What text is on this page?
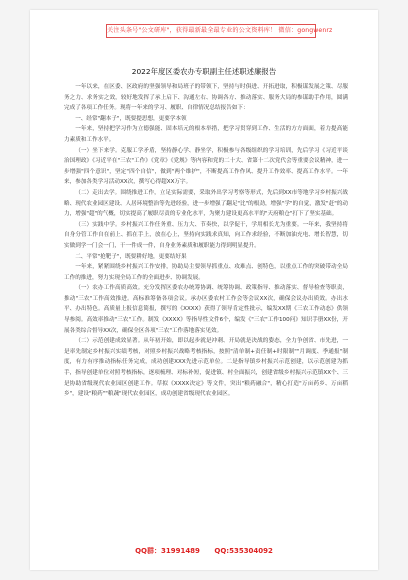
关注头条号"公文研库"，获得最新最全最专业的公文资料库！ 微信：gongwenrz
2022年度区委农办专职副主任述职述廉报告

一年以来，在区委、区政府的坚强领导和局班子的带领下，坚持与时俱进、开拓进取，积极谋发展之策、尽服务之力、求务实之效，较好地发挥了承上启下、沟通左右、协调各方、推动落实、服务大局的参谋助手作用，圆满完成了各项工作任务。现将一年来的学习、履职、自律情况总结报告如下：

一、经常"翻本子"，既要提思想，更要学本领

一年来，坚持把学习作为立德强能、固本培元的根本举措，把学习贯穿到工作、生活的方方面面，着力提高能力素质和工作水平。

（一）坐下来学。克服工学矛盾，坚持静心学、静坐学，积极参与各级组织的学习培训，先后学习《习近平谈治国理政》《习近平在"三农"工作》《党章》《党规》等内容和党的二十大、省第十二次党代会等重要会议精神，进一步增强"四个意识"，坚定"四个自信"，做到"两个维护"，不断提高工作作风、提升工作效率、提高工作水平。一年来，参加各类学习活动XX次，撰写心得超XX万字。

（二）走出去学。围绕推进工作，立足实际需要，采取外出学习考察等形式，先后到XX市等地学习乡村振兴战略、现代农业园区建设、人居环境整治等先进经验，进一步增强了翻足"比"的根劲，增强"学"的自觉，激发"赶"的动力，增强"超"的气概，切实提高了履职尽责的专业化水平，为聚力建设更高水平的"天府粮仓"打下了坚实基础。

（三）实践中学。乡村振兴工作任务重、压力大、节奏快，以学促干，学用相长尤为重要。一年来，我坚持将自身分管工作自在前上、抓在手上，放在心上，坚持向实践求真知，向工作求经验，不断加油充电、增长智慧，切实做到学一门会一门，干一件成一件，自身业务素质和履职能力得到明显提升。

二、平常"抢靶子"，既要耕好地，更要结好果

一年来，紧紧围绕乡村振兴工作安排，协助局主要领导抓重点、攻难点、创特色，以重点工作的突破带动全局工作的推进，努力实现全局工作的全面进步、协调发展。

（一）农办工作高质高效。充分发挥区委农办统筹协调、统筹协调、政策指导、推动落实、督导检查等职责，推动"三农"工作高效推进。高标准筹备各项会议。承办区委农村工作会等会议XX次，确保会议办出质效。办出水平、办出特色。高质量上报信息简报，撰写的《XXXX》获得了领导肯定性批示，编发XX期《三农工作动态》供领导参阅。高效率推动"三农"工作。制发《XXXX》等指导性文件6个，编发《"三农"工作100问》知识手册XX份，开展各类综合督导XX次，确保全区各项"三农"工作落地落实见效。

（二）示范创建成效显著。从年初开始，即以起步就是冲刺、开局就是决战的姿态，全力争创省、市先进，一是率先制定乡村振兴实绩考核，对照乡村振兴战略考核指标，按照"清单制+责任制+时限制""月调度、季通报"制度，有力有序推动指标任务完成，成功创建XXX先进示范单位。二是指导镇乡村振兴示范创建，以示范创建为抓手，指导创建单位对照考核指标，逐项梳理、对标补短，促进镇、村全面振兴，创建省级乡村振兴示范镇XX个、三是协助省级现代农业园区创建工作。草拟《XXXX决定》等文件，突出"粮药融合"，精心打造"万亩药乡、万亩稻乡"，建设"粮药""粮蔬"现代农业园区，成功创建省级现代农业园区。

QQ群：31991489 QQ:535304092
